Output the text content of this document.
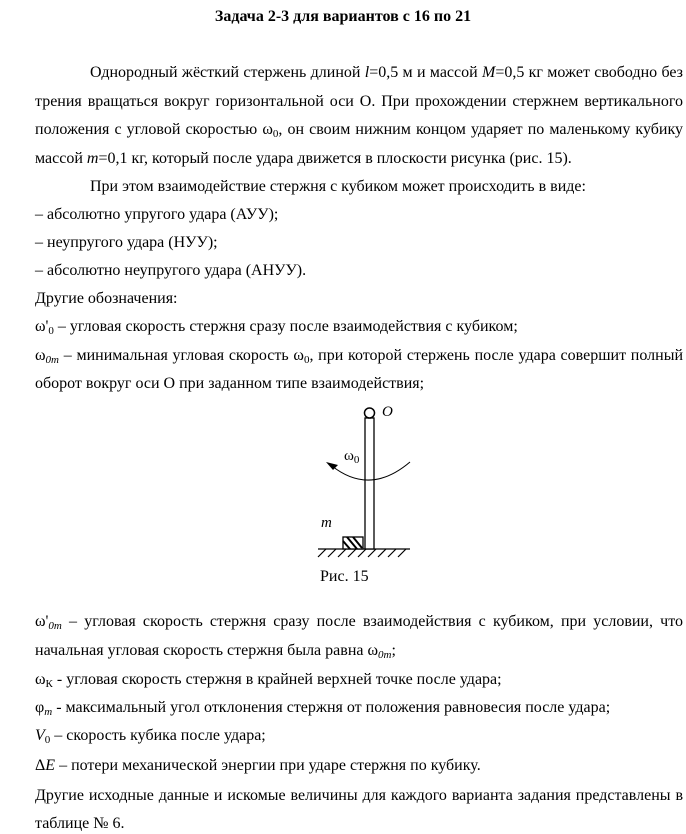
Задача 2-3 для вариантов с 16 по 21
Однородный жёсткий стержень длиной l=0,5 м и массой M=0,5 кг может свободно без
трения вращаться вокруг горизонтальной оси О. При прохождении стержнем вертикального
положения с угловой скоростью $\omega_0$, он своим нижним концом ударяет по маленькому кубику
массой m=0,1 кг, который после удара движется в плоскости рисунка (рис. 15).
При этом взаимодействие стержня с кубиком может происходить в виде:
– абсолютно упругого удара (АУУ);
– неупругого удара (НУУ);
– абсолютно неупругого удара (АНУУ).
Другие обозначения:
$\omega'_0$ – угловая скорость стержня сразу после взаимодействия с кубиком;
$\omega_{0m}$ – минимальная угловая скорость $\omega_0$, при которой стержень после удара совершит полный
оборот вокруг оси О при заданном типе взаимодействия;
O
$\omega_0$
m
Рис. 15
$\omega'_{0m}$ – угловая скорость стержня сразу после взаимодействия с кубиком, при условии, что
начальная угловая скорость стержня была равна $\omega_{0m}$;
$\omega_К$ - угловая скорость стержня в крайней верхней точке после удара;
$\varphi_m$ - максимальный угол отклонения стержня от положения равновесия после удара;
$V_0$ – скорость кубика после удара;
ΔE – потери механической энергии при ударе стержня по кубику.
Другие исходные данные и искомые величины для каждого варианта задания представлены в
таблице № 6.
